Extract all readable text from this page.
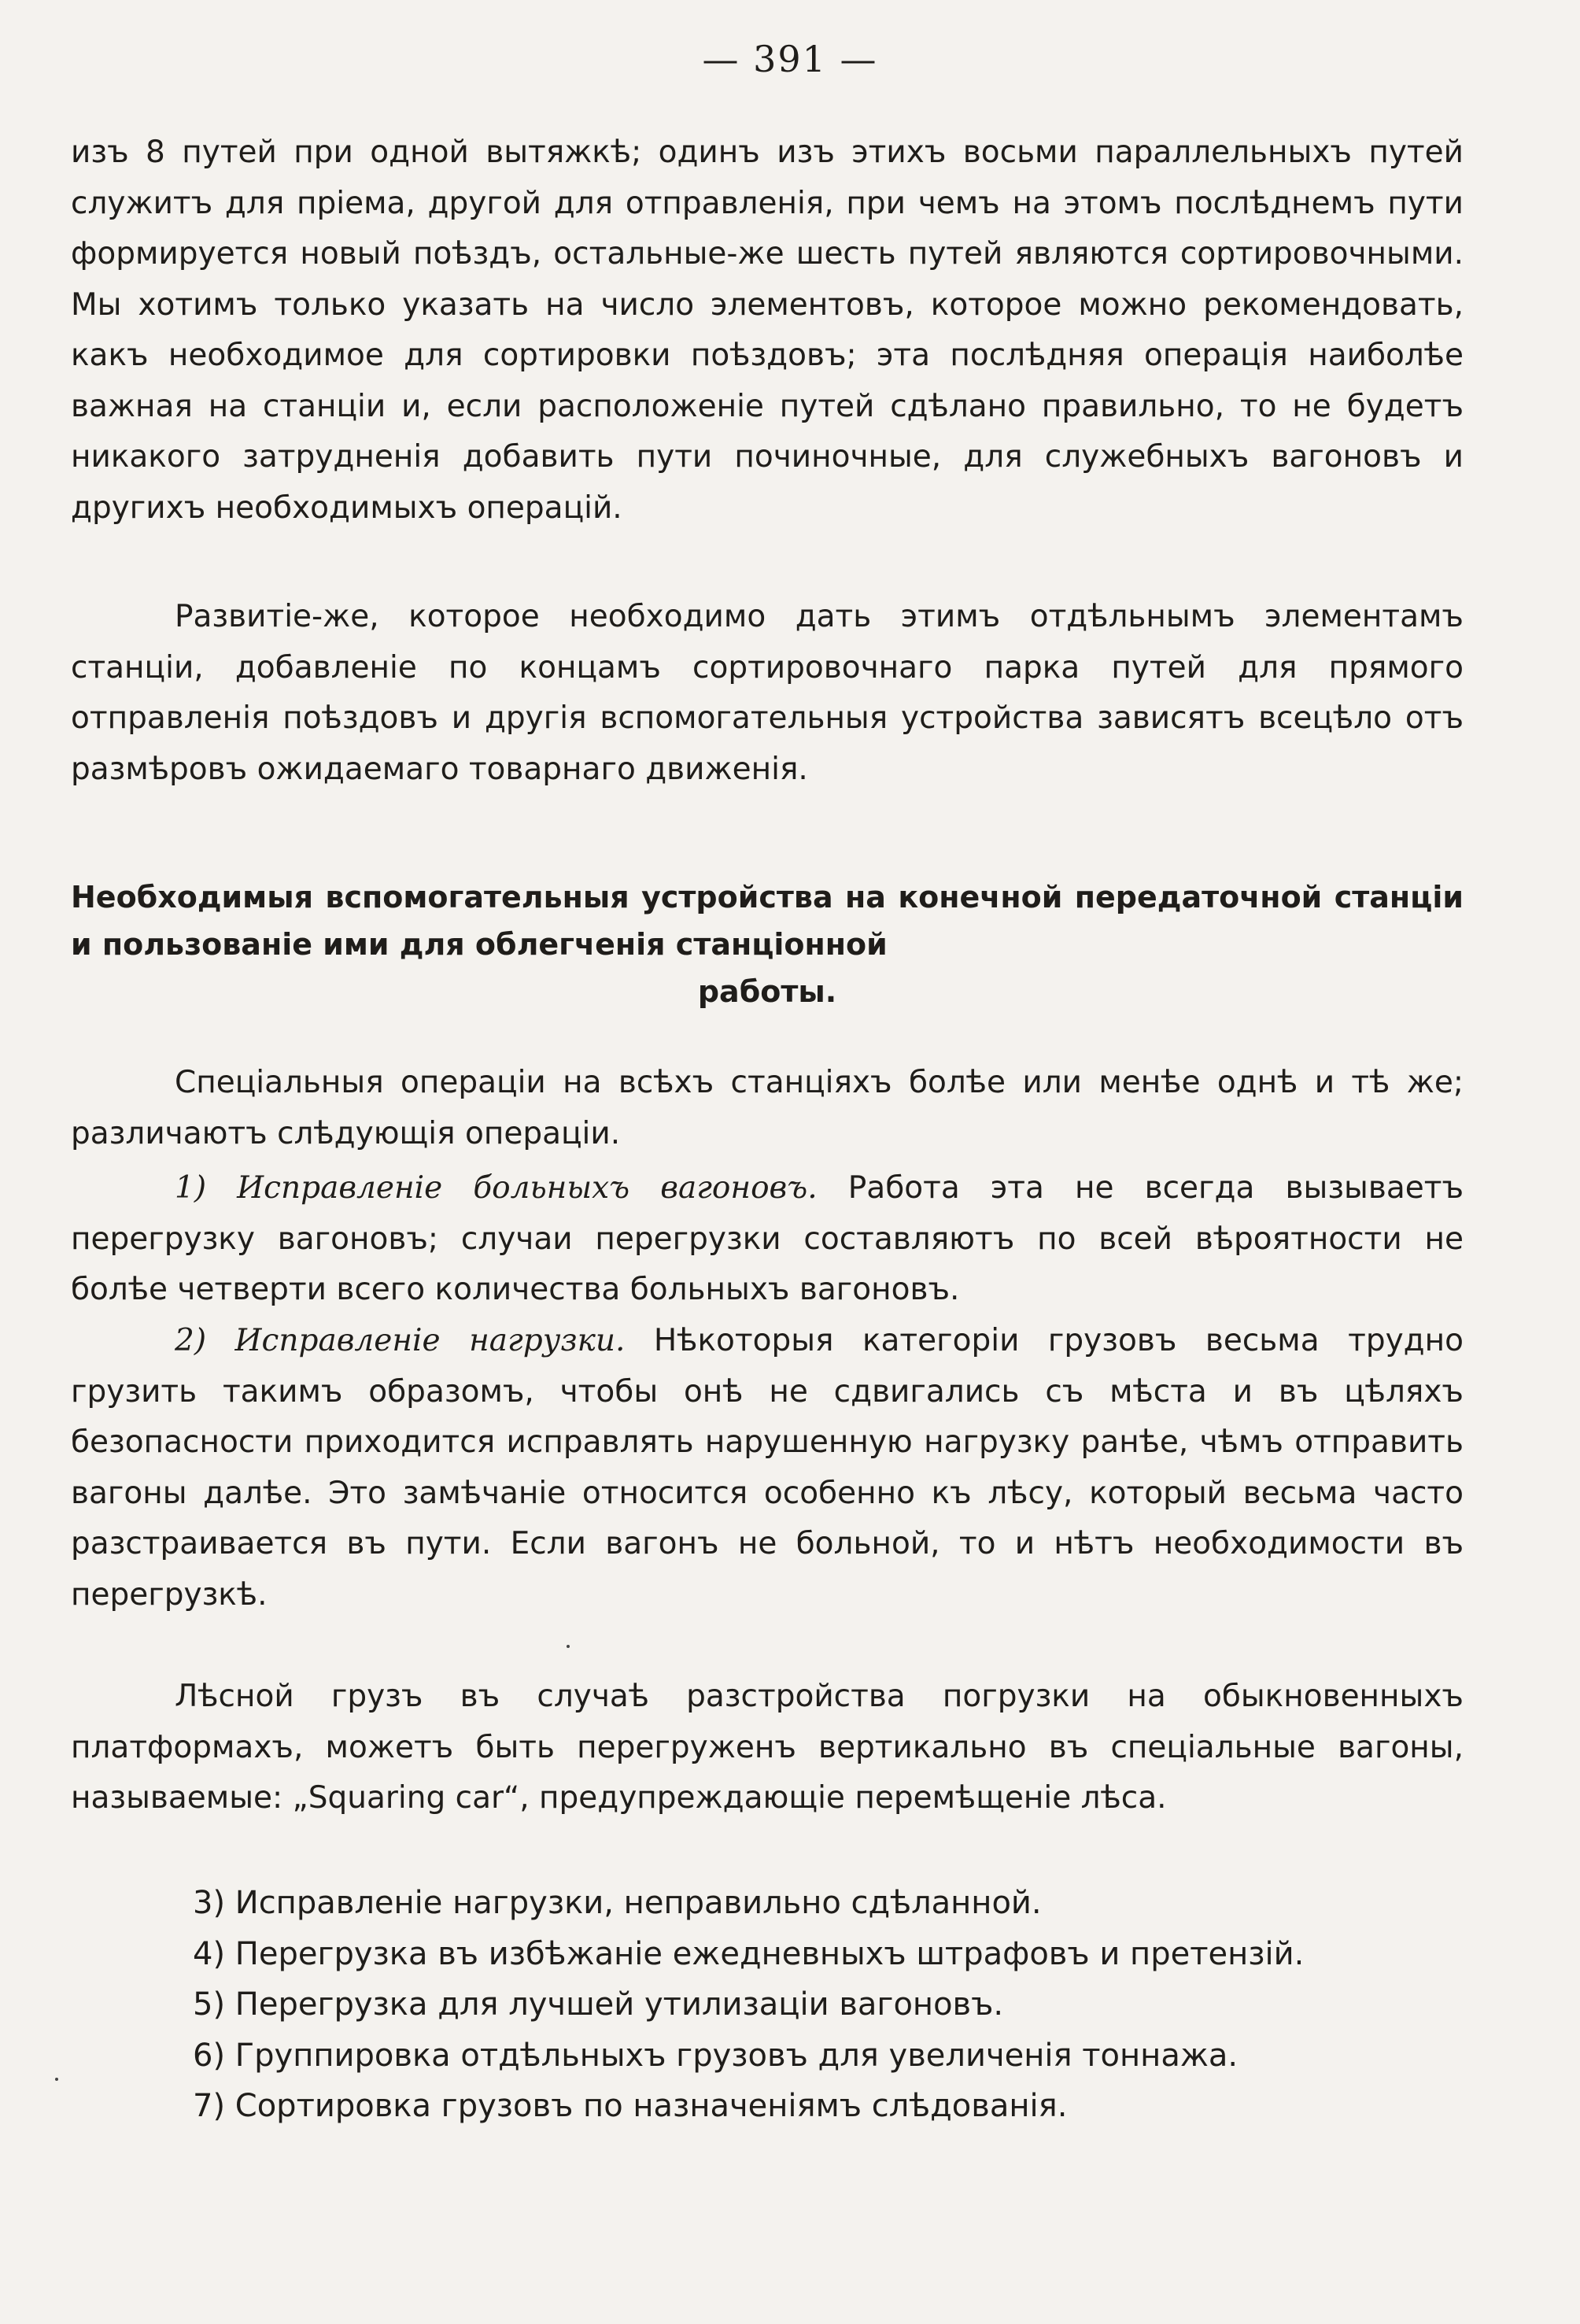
— 391 —

изъ 8 путей при одной вытяжкѣ; одинъ изъ этихъ восьми параллельныхъ путей служитъ для пріема, другой для отправленія, при чемъ на этомъ послѣднемъ пути формируется новый поѣздъ, остальные-же шесть путей являются сортировочными. Мы хотимъ только указать на число элементовъ, которое можно рекомендовать, какъ необходимое для сортировки поѣздовъ; эта послѣдняя операція наиболѣе важная на станціи и, если расположеніе путей сдѣлано правильно, то не будетъ никакого затрудненія добавить пути починочные, для служебныхъ вагоновъ и другихъ необходимыхъ операцій.

Развитіе-же, которое необходимо дать этимъ отдѣльнымъ элементамъ станціи, добавленіе по концамъ сортировочнаго парка путей для прямого отправленія поѣздовъ и другія вспомогательныя устройства зависятъ всецѣло отъ размѣровъ ожидаемаго товарнаго движенія.

Необходимыя вспомогательныя устройства на конечной передаточной станціи и пользованіе ими для облегченія станціонной
работы.

Спеціальныя операціи на всѣхъ станціяхъ болѣе или менѣе однѣ и тѣ же; различаютъ слѣдующія операціи.

1) Исправленіе больныхъ вагоновъ. Работа эта не всегда вызываетъ перегрузку вагоновъ; случаи перегрузки составляютъ по всей вѣроятности не болѣе четверти всего количества больныхъ вагоновъ.

2) Исправленіе нагрузки. Нѣкоторыя категоріи грузовъ весьма трудно грузить такимъ образомъ, чтобы онѣ не сдвигались съ мѣста и въ цѣляхъ безопасности приходится исправлять нарушенную нагрузку ранѣе, чѣмъ отправить вагоны далѣе. Это замѣчаніе относится особенно къ лѣсу, который весьма часто разстраивается въ пути. Если вагонъ не больной, то и нѣтъ необходимости въ перегрузкѣ.

Лѣсной грузъ въ случаѣ разстройства погрузки на обыкновенныхъ платформахъ, можетъ быть перегруженъ вертикально въ спеціальные вагоны, называемые: „Squaring car“, предупреждающіе перемѣщеніе лѣса.

3) Исправленіе нагрузки, неправильно сдѣланной.
4) Перегрузка въ избѣжаніе ежедневныхъ штрафовъ и претензій.
5) Перегрузка для лучшей утилизаціи вагоновъ.
6) Группировка отдѣльныхъ грузовъ для увеличенія тоннажа.
7) Сортировка грузовъ по назначеніямъ слѣдованія.
